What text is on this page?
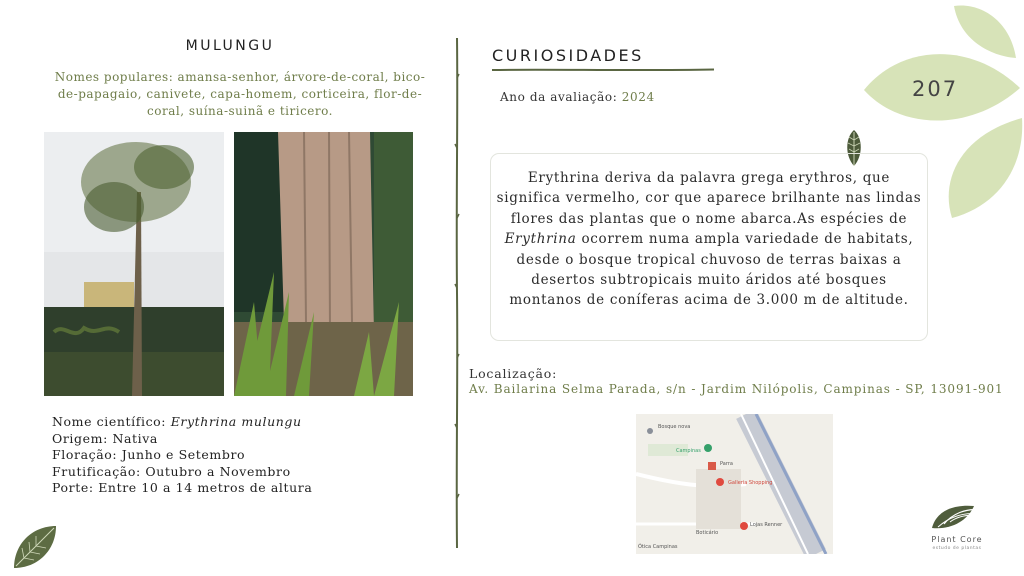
207
MULUNGU
Nomes populares: amansa-senhor, árvore-de-coral, bico-de-papagaio, canivete, capa-homem, corticeira, flor-de-coral, suína-suinã e tiricero.
Nome científico: Erythrina mulungu
Origem: Nativa
Floração: Junho e Setembro
Frutificação: Outubro a Novembro
Porte: Entre 10 a 14 metros de altura
CURIOSIDADES
Ano da avaliação: 2024
Erythrina deriva da palavra grega erythros, que significa vermelho, cor que aparece brilhante nas lindas flores das plantas que o nome abarca.As espécies de Erythrina ocorrem numa ampla variedade de habitats, desde o bosque tropical chuvoso de terras baixas a desertos subtropicais muito áridos até bosques montanos de coníferas acima de 3.000 m de altitude.
Localização:
Av. Bailarina Selma Parada, s/n - Jardim Nilópolis, Campinas - SP, 13091-901
Bosque nova
Campinas
Parra
Galleria Shopping
Lojas Renner
Boticário
Ótica Campinas
Plant Core
estudo de plantas
